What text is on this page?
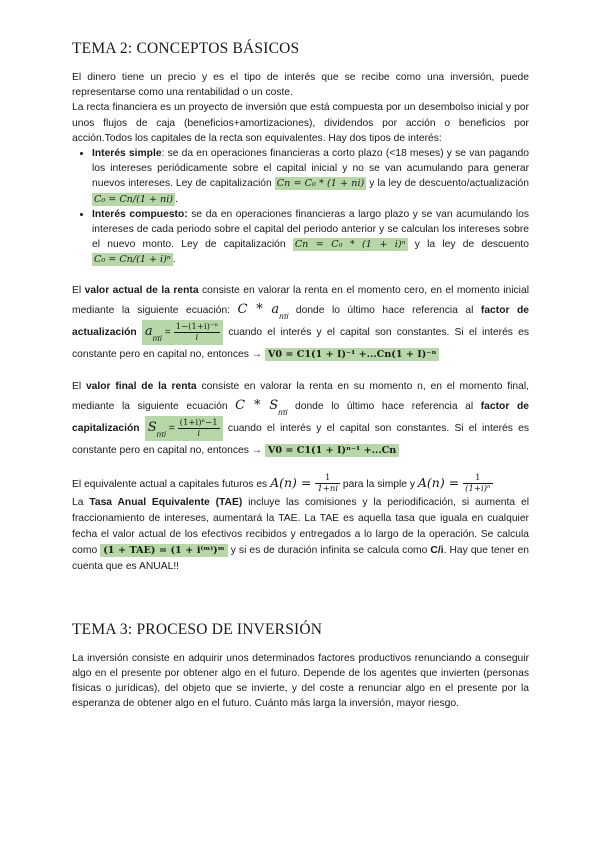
TEMA 2: CONCEPTOS BÁSICOS

El dinero tiene un precio y es el tipo de interés que se recibe como una inversión, puede representarse como una rentabilidad o un coste.

La recta financiera es un proyecto de inversión que está compuesta por un desembolso inicial y por unos flujos de caja (beneficios+amortizaciones), dividendos por acción o beneficios por acción.Todos los capitales de la recta son equivalentes. Hay dos tipos de interés:

• Interés simple: se da en operaciones financieras a corto plazo (<18 meses) y se van pagando los intereses periódicamente sobre el capital inicial y no se van acumulando para generar nuevos intereses. Ley de capitalización Cn = C₀ * (1 + ni) y la ley de descuento/actualización C₀ = Cn/(1 + ni) .
• Interés compuesto: se da en operaciones financieras a largo plazo y se van acumulando los intereses de cada periodo sobre el capital del periodo anterior y se calculan los intereses sobre el nuevo monto. Ley de capitalización Cn = C₀ * (1 + i)ⁿ y la ley de descuento C₀ = Cn/(1 + i)ⁿ .

El valor actual de la renta consiste en valorar la renta en el momento cero, en el momento inicial mediante la siguiente ecuación: C * $a_{n\tau i}$ donde lo último hace referencia al factor de actualización $a_{n\tau i} = \frac{\text{1−(1+i)⁻ⁿ}}{i}$ cuando el interés y el capital son constantes. Si el interés es constante pero en capital no, entonces → V0 = C1(1 + I)⁻¹ +...Cn(1 + I)⁻ⁿ

El valor final de la renta consiste en valorar la renta en su momento n, en el momento final, mediante la siguiente ecuación C * $S_{n\tau i}$ donde lo último hace referencia al factor de capitalización $S_{n\tau i} = \frac{\text{(1+i)ⁿ−1}}{i}$ cuando el interés y el capital son constantes. Si el interés es constante pero en capital no, entonces → V0 = C1(1 + I)ⁿ⁻¹ +...Cn

El equivalente actual a capitales futuros es $A(n) = \frac{1}{1+ni}$ para la simple y $A(n) = \frac{1}{\text{(1+i)ⁿ}}$

La Tasa Anual Equivalente (TAE) incluye las comisiones y la periodificación, si aumenta el fraccionamiento de intereses, aumentará la TAE. La TAE es aquella tasa que iguala en cualquier fecha el valor actual de los efectivos recibidos y entregados a lo largo de la operación. Se calcula como (1 + TAE) = (1 + i⁽ᵐ⁾)ᵐ y si es de duración infinita se calcula como C/i. Hay que tener en cuenta que es ANUAL!!

TEMA 3: PROCESO DE INVERSIÓN

La inversión consiste en adquirir unos determinados factores productivos renunciando a conseguir algo en el presente por obtener algo en el futuro. Depende de los agentes que invierten (personas físicas o jurídicas), del objeto que se invierte, y del coste a renunciar algo en el presente por la esperanza de obtener algo en el futuro. Cuánto más larga la inversión, mayor riesgo.
